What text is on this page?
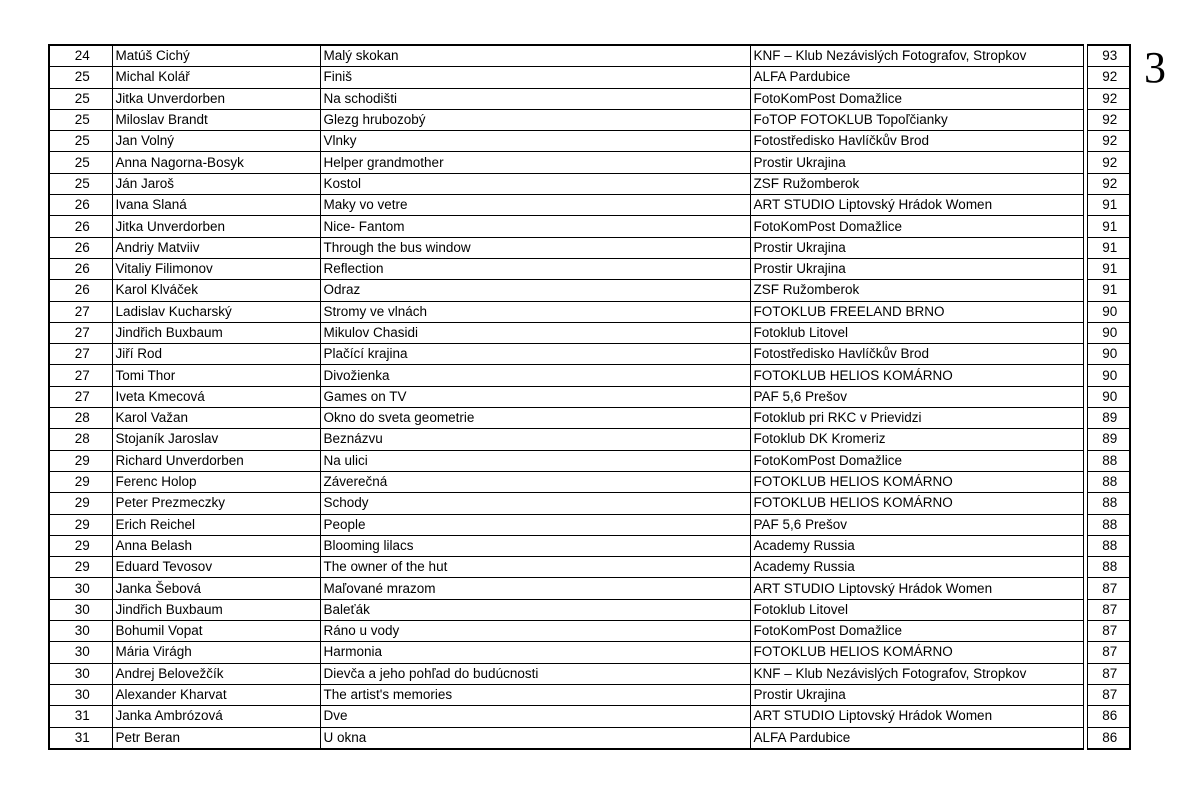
24	Matúš Cichý	Malý skokan	KNF – Klub Nezávislých Fotografov, Stropkov		93
25	Michal Kolář	Finiš	ALFA Pardubice		92
25	Jitka Unverdorben	Na schodišti	FotoKomPost Domažlice		92
25	Miloslav Brandt	Glezg hrubozobý	FoTOP FOTOKLUB Topoľčianky		92
25	Jan Volný	Vlnky	Fotostředisko Havlíčkův Brod		92
25	Anna Nagorna-Bosyk	Helper grandmother	Prostir Ukrajina		92
25	Ján Jaroš	Kostol	ZSF Ružomberok		92
26	Ivana Slaná	Maky vo vetre	ART STUDIO Liptovský Hrádok Women		91
26	Jitka Unverdorben	Nice- Fantom	FotoKomPost Domažlice		91
26	Andriy Matviiv	Through the bus window	Prostir Ukrajina		91
26	Vitaliy Filimonov	Reflection	Prostir Ukrajina		91
26	Karol Klváček	Odraz	ZSF Ružomberok		91
27	Ladislav Kucharský	Stromy ve vlnách	FOTOKLUB FREELAND BRNO		90
27	Jindřich Buxbaum	Mikulov Chasidi	Fotoklub Litovel		90
27	Jiří Rod	Plačící krajina	Fotostředisko Havlíčkův Brod		90
27	Tomi Thor	Divožienka	FOTOKLUB HELIOS KOMÁRNO		90
27	Iveta Kmecová	Games on TV	PAF 5,6 Prešov		90
28	Karol Važan	Okno do sveta geometrie	Fotoklub pri RKC v Prievidzi		89
28	Stojaník Jaroslav	Beznázvu	Fotoklub DK Kromeriz		89
29	Richard Unverdorben	Na ulici	FotoKomPost Domažlice		88
29	Ferenc Holop	Záverečná	FOTOKLUB HELIOS KOMÁRNO		88
29	Peter Prezmeczky	Schody	FOTOKLUB HELIOS KOMÁRNO		88
29	Erich Reichel	People	PAF 5,6 Prešov		88
29	Anna Belash	Blooming lilacs	Academy Russia		88
29	Eduard Tevosov	The owner of the hut	Academy Russia		88
30	Janka Šebová	Maľované mrazom	ART STUDIO Liptovský Hrádok Women		87
30	Jindřich Buxbaum	Baleťák	Fotoklub Litovel		87
30	Bohumil Vopat	Ráno u vody	FotoKomPost Domažlice		87
30	Mária Virágh	Harmonia	FOTOKLUB HELIOS KOMÁRNO		87
30	Andrej Belovežčík	Dievča a jeho pohľad do budúcnosti	KNF – Klub Nezávislých Fotografov, Stropkov		87
30	Alexander Kharvat	The artist's memories	Prostir Ukrajina		87
31	Janka Ambrózová	Dve	ART STUDIO Liptovský Hrádok Women		86
31	Petr Beran	U okna	ALFA Pardubice		86
3
